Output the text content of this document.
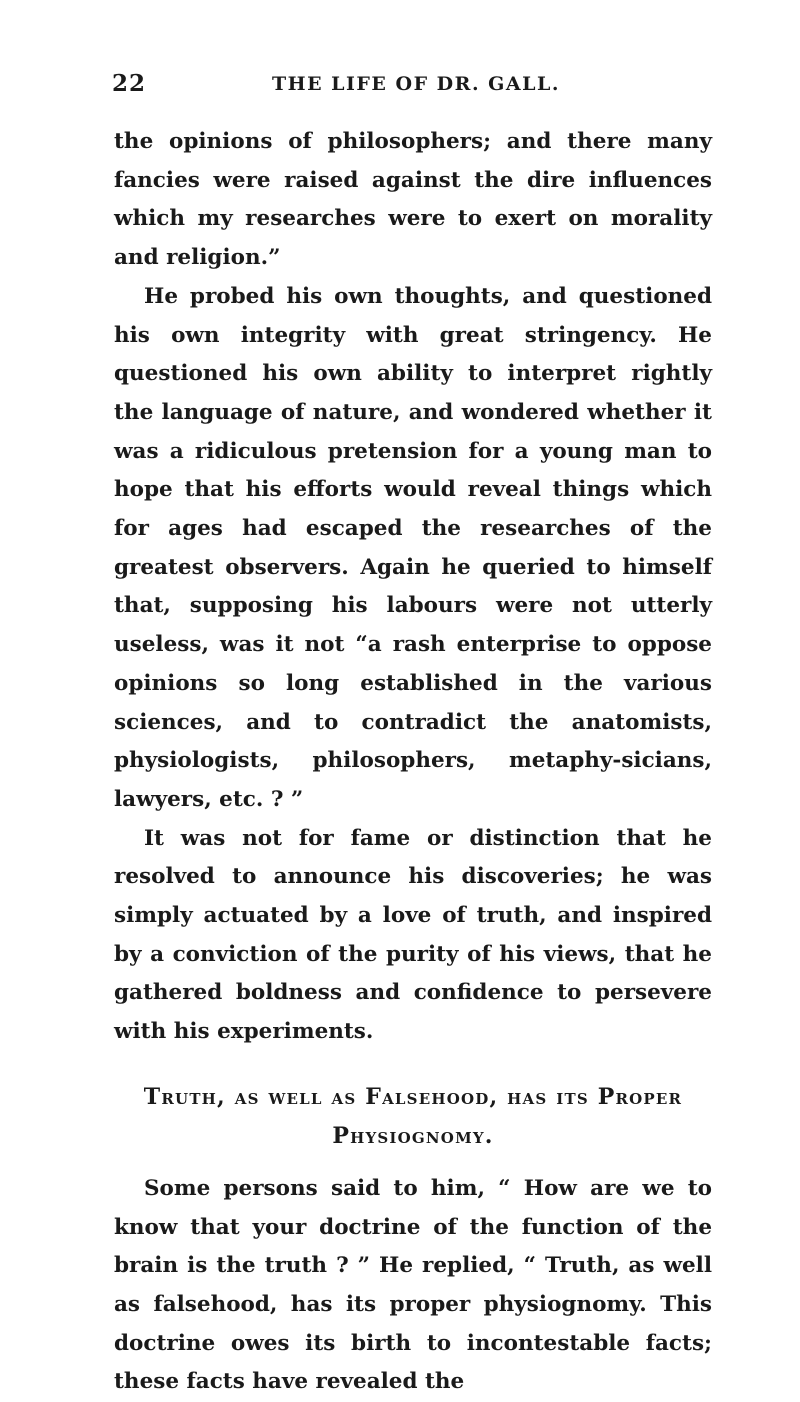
22	THE LIFE OF DR. GALL.

the opinions of philosophers; and there many fancies were raised against the dire influences which my researches were to exert on morality and religion.”

He probed his own thoughts, and questioned his own integrity with great stringency. He questioned his own ability to interpret rightly the language of nature, and wondered whether it was a ridiculous pretension for a young man to hope that his efforts would reveal things which for ages had escaped the researches of the greatest observers. Again he queried to himself that, supposing his labours were not utterly useless, was it not “a rash enterprise to oppose opinions so long established in the various sciences, and to contradict the anatomists, physiologists, philosophers, metaphy-sicians, lawyers, etc. ? ”

It was not for fame or distinction that he resolved to announce his discoveries; he was simply actuated by a love of truth, and inspired by a conviction of the purity of his views, that he gathered boldness and confidence to persevere with his experiments.

Truth, as well as Falsehood, has its Proper Physiognomy.

Some persons said to him, “ How are we to know that your doctrine of the function of the brain is the truth ? ” He replied, “ Truth, as well as falsehood, has its proper physiognomy. This doctrine owes its birth to incontestable facts; these facts have revealed the
